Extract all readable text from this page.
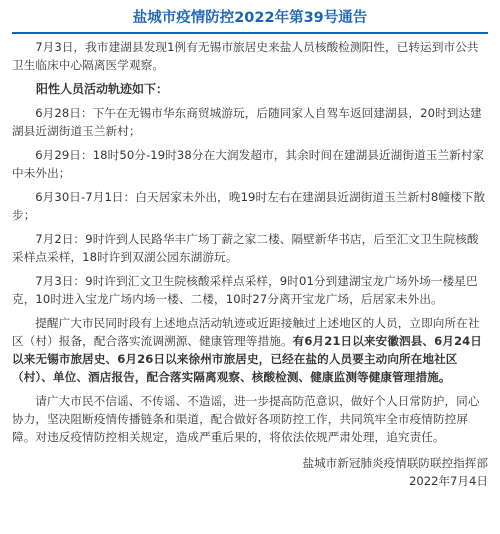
盐城市疫情防控2022年第39号通告

7月3日，我市建湖县发现1例有无锡市旅居史来盐人员核酸检测阳性，已转运到市公共卫生临床中心隔离医学观察。

阳性人员活动轨迹如下：

6月28日：下午在无锡市华东商贸城游玩，后随同家人自驾车返回建湖县，20时到达建湖县近湖街道玉兰新村；

6月29日：18时50分-19时38分在大润发超市，其余时间在建湖县近湖街道玉兰新村家中未外出；

6月30日-7月1日：白天居家未外出，晚19时左右在建湖县近湖街道玉兰新村8幢楼下散步；

7月2日：9时许到人民路华丰广场丁薪之家二楼、隔壁新华书店，后至汇文卫生院核酸采样点采样，18时许到双湖公园东湖游玩。

7月3日：9时许到汇文卫生院核酸采样点采样，9时01分到建湖宝龙广场外场一楼星巴克，10时进入宝龙广场内场一楼、二楼，10时27分离开宝龙广场，后居家未外出。

提醒广大市民同时段有上述地点活动轨迹或近距接触过上述地区的人员，立即向所在社区（村）报备，配合落实流调溯源、健康管理等措施。有6月21日以来安徽泗县、6月24日以来无锡市旅居史、6月26日以来徐州市旅居史，已经在盐的人员要主动向所在地社区（村）、单位、酒店报告，配合落实隔离观察、核酸检测、健康监测等健康管理措施。

请广大市民不信谣、不传谣、不造谣，进一步提高防范意识，做好个人日常防护，同心协力，坚决阻断疫情传播链条和渠道，配合做好各项防控工作，共同筑牢全市疫情防控屏障。对违反疫情防控相关规定，造成严重后果的，将依法依规严肃处理，追究责任。

盐城市新冠肺炎疫情联防联控指挥部

2022年7月4日
